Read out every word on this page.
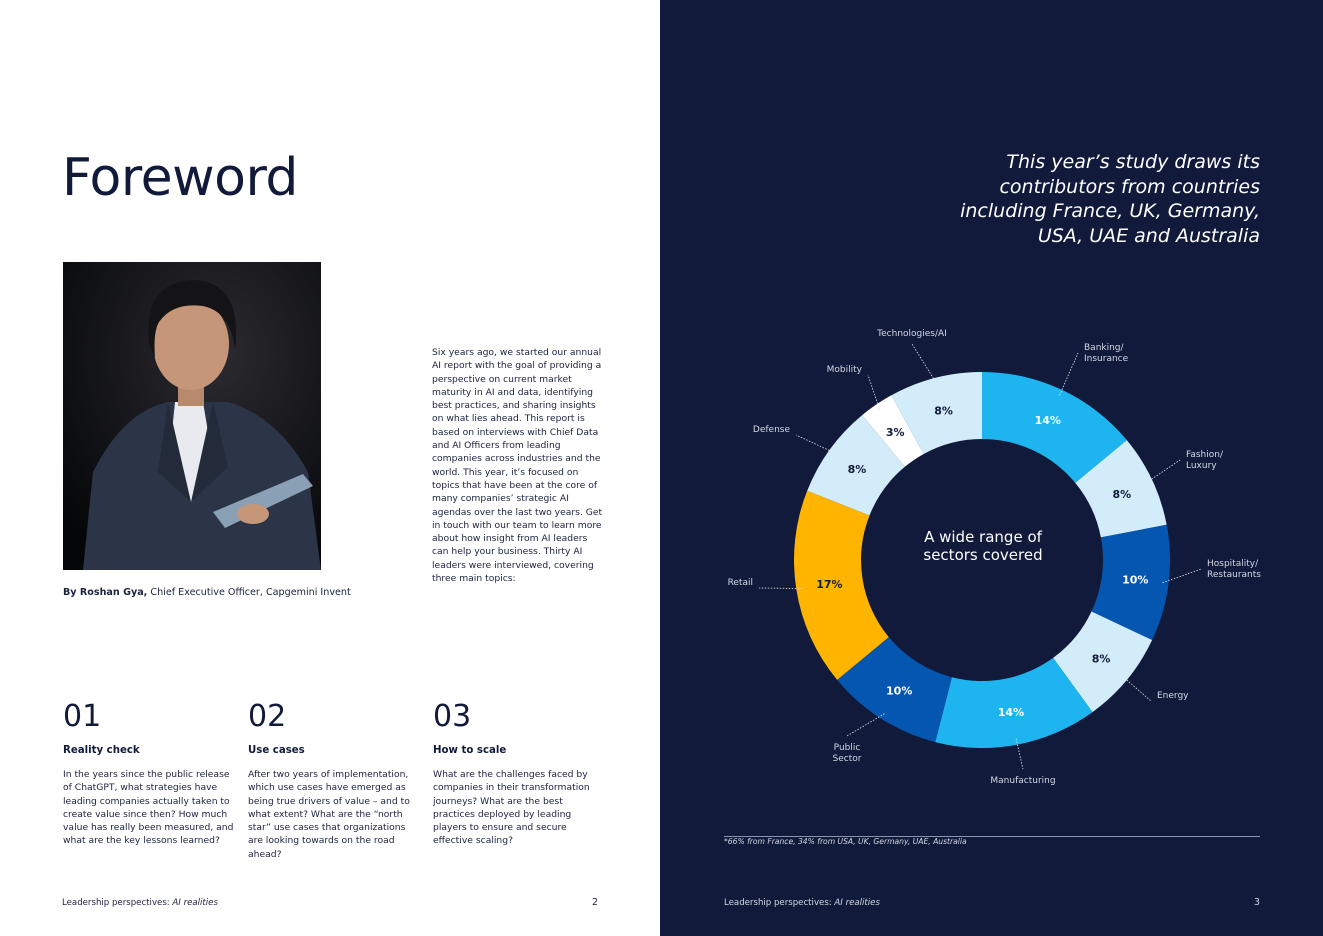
Foreword
By Roshan Gya, Chief Executive Officer, Capgemini Invent

Six years ago, we started our annual AI report with the goal of providing a perspective on current market maturity in AI and data, identifying best practices, and sharing insights on what lies ahead. This report is based on interviews with Chief Data and AI Officers from leading companies across industries and the world. This year, it’s focused on topics that have been at the core of many companies’ strategic AI agendas over the last two years. Get in touch with our team to learn more about how insight from AI leaders can help your business. Thirty AI leaders were interviewed, covering three main topics:

01
Reality check

In the years since the public release of ChatGPT, what strategies have leading companies actually taken to create value since then? How much value has really been measured, and what are the key lessons learned?

02
Use cases

After two years of implementation, which use cases have emerged as being true drivers of value – and to what extent? What are the “north star” use cases that organizations are looking towards on the road ahead?

03
How to scale

What are the challenges faced by companies in their transformation journeys? What are the best practices deployed by leading players to ensure and secure effective scaling?

Leadership perspectives: AI realities	2
This year’s study draws its contributors from countries including France, UK, Germany, USA, UAE and Australia
14%
Banking/ Insurance
8%
Fashion/ Luxury
10%
Hospitality/ Restaurants
8%
Energy
14%
Manufacturing
10%
Public Sector
17%
Retail
8%
Defense	3%
Mobility
8%
Technologies/AI
A wide range of sectors covered
*66% from France, 34% from USA, UK, Germany, UAE, Australia
Leadership perspectives: AI realities	3
